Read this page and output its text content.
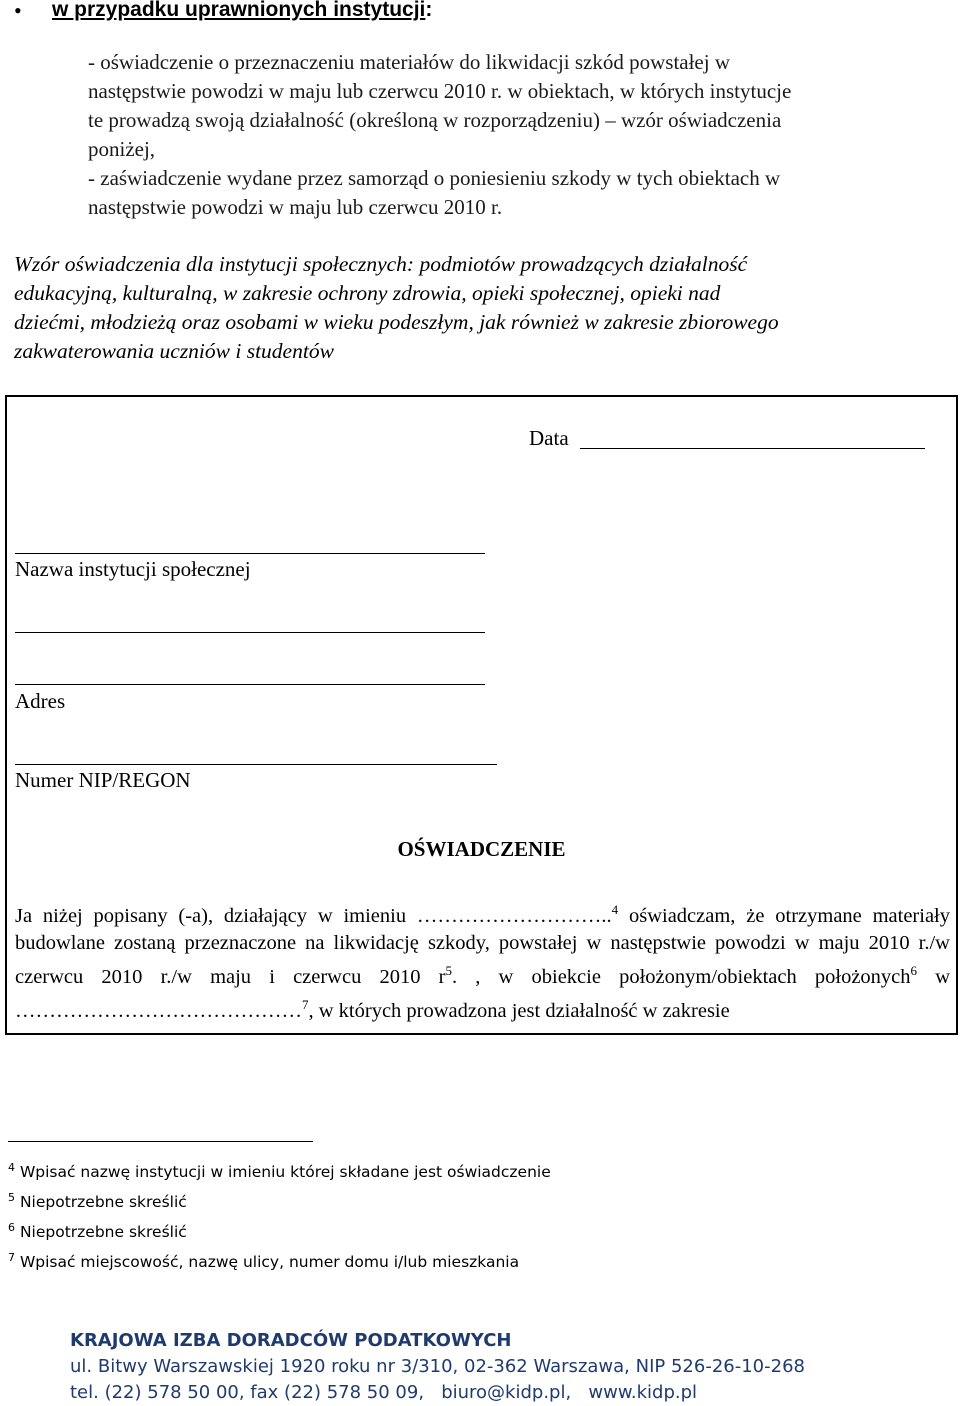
• w przypadku uprawnionych instytucji:

- oświadczenie o przeznaczeniu materiałów do likwidacji szkód powstałej w

następstwie powodzi w maju lub czerwcu 2010 r. w obiektach, w których instytucje

te prowadzą swoją działalność (określoną w rozporządzeniu) – wzór oświadczenia

poniżej,

- zaświadczenie wydane przez samorząd o poniesieniu szkody w tych obiektach w

następstwie powodzi w maju lub czerwcu 2010 r.

Wzór oświadczenia dla instytucji społecznych: podmiotów prowadzących działalność
edukacyjną, kulturalną, w zakresie ochrony zdrowia, opieki społecznej, opieki nad
dziećmi, młodzieżą oraz osobami w wieku podeszłym, jak również w zakresie zbiorowego
zakwaterowania uczniów i studentów
Data
Nazwa instytucji społecznej
Adres
Numer NIP/REGON
OŚWIADCZENIE
Ja niżej popisany (-a), działający w imieniu ………………………..$^4$ oświadczam, że otrzymane materiały budowlane zostaną przeznaczone na likwidację szkody, powstałej w następstwie powodzi w maju 2010 r./w czerwcu 2010 r./w maju i czerwcu 2010 $r^5$. , w obiekcie położonym/obiektach położonych$^6$ w ……………………………………$^7$, w których prowadzona jest działalność w zakresie

$^4$ Wpisać nazwę instytucji w imieniu której składane jest oświadczenie

$^5$ Niepotrzebne skreślić

$^6$ Niepotrzebne skreślić

$^7$ Wpisać miejscowość, nazwę ulicy, numer domu i/lub mieszkania

KRAJOWA IZBA DORADCÓW PODATKOWYCH

ul. Bitwy Warszawskiej 1920 roku nr 3/310, 02-362 Warszawa, NIP 526-26-10-268

tel. (22) 578 50 00, fax (22) 578 50 09,   biuro@kidp.pl,   www.kidp.pl
